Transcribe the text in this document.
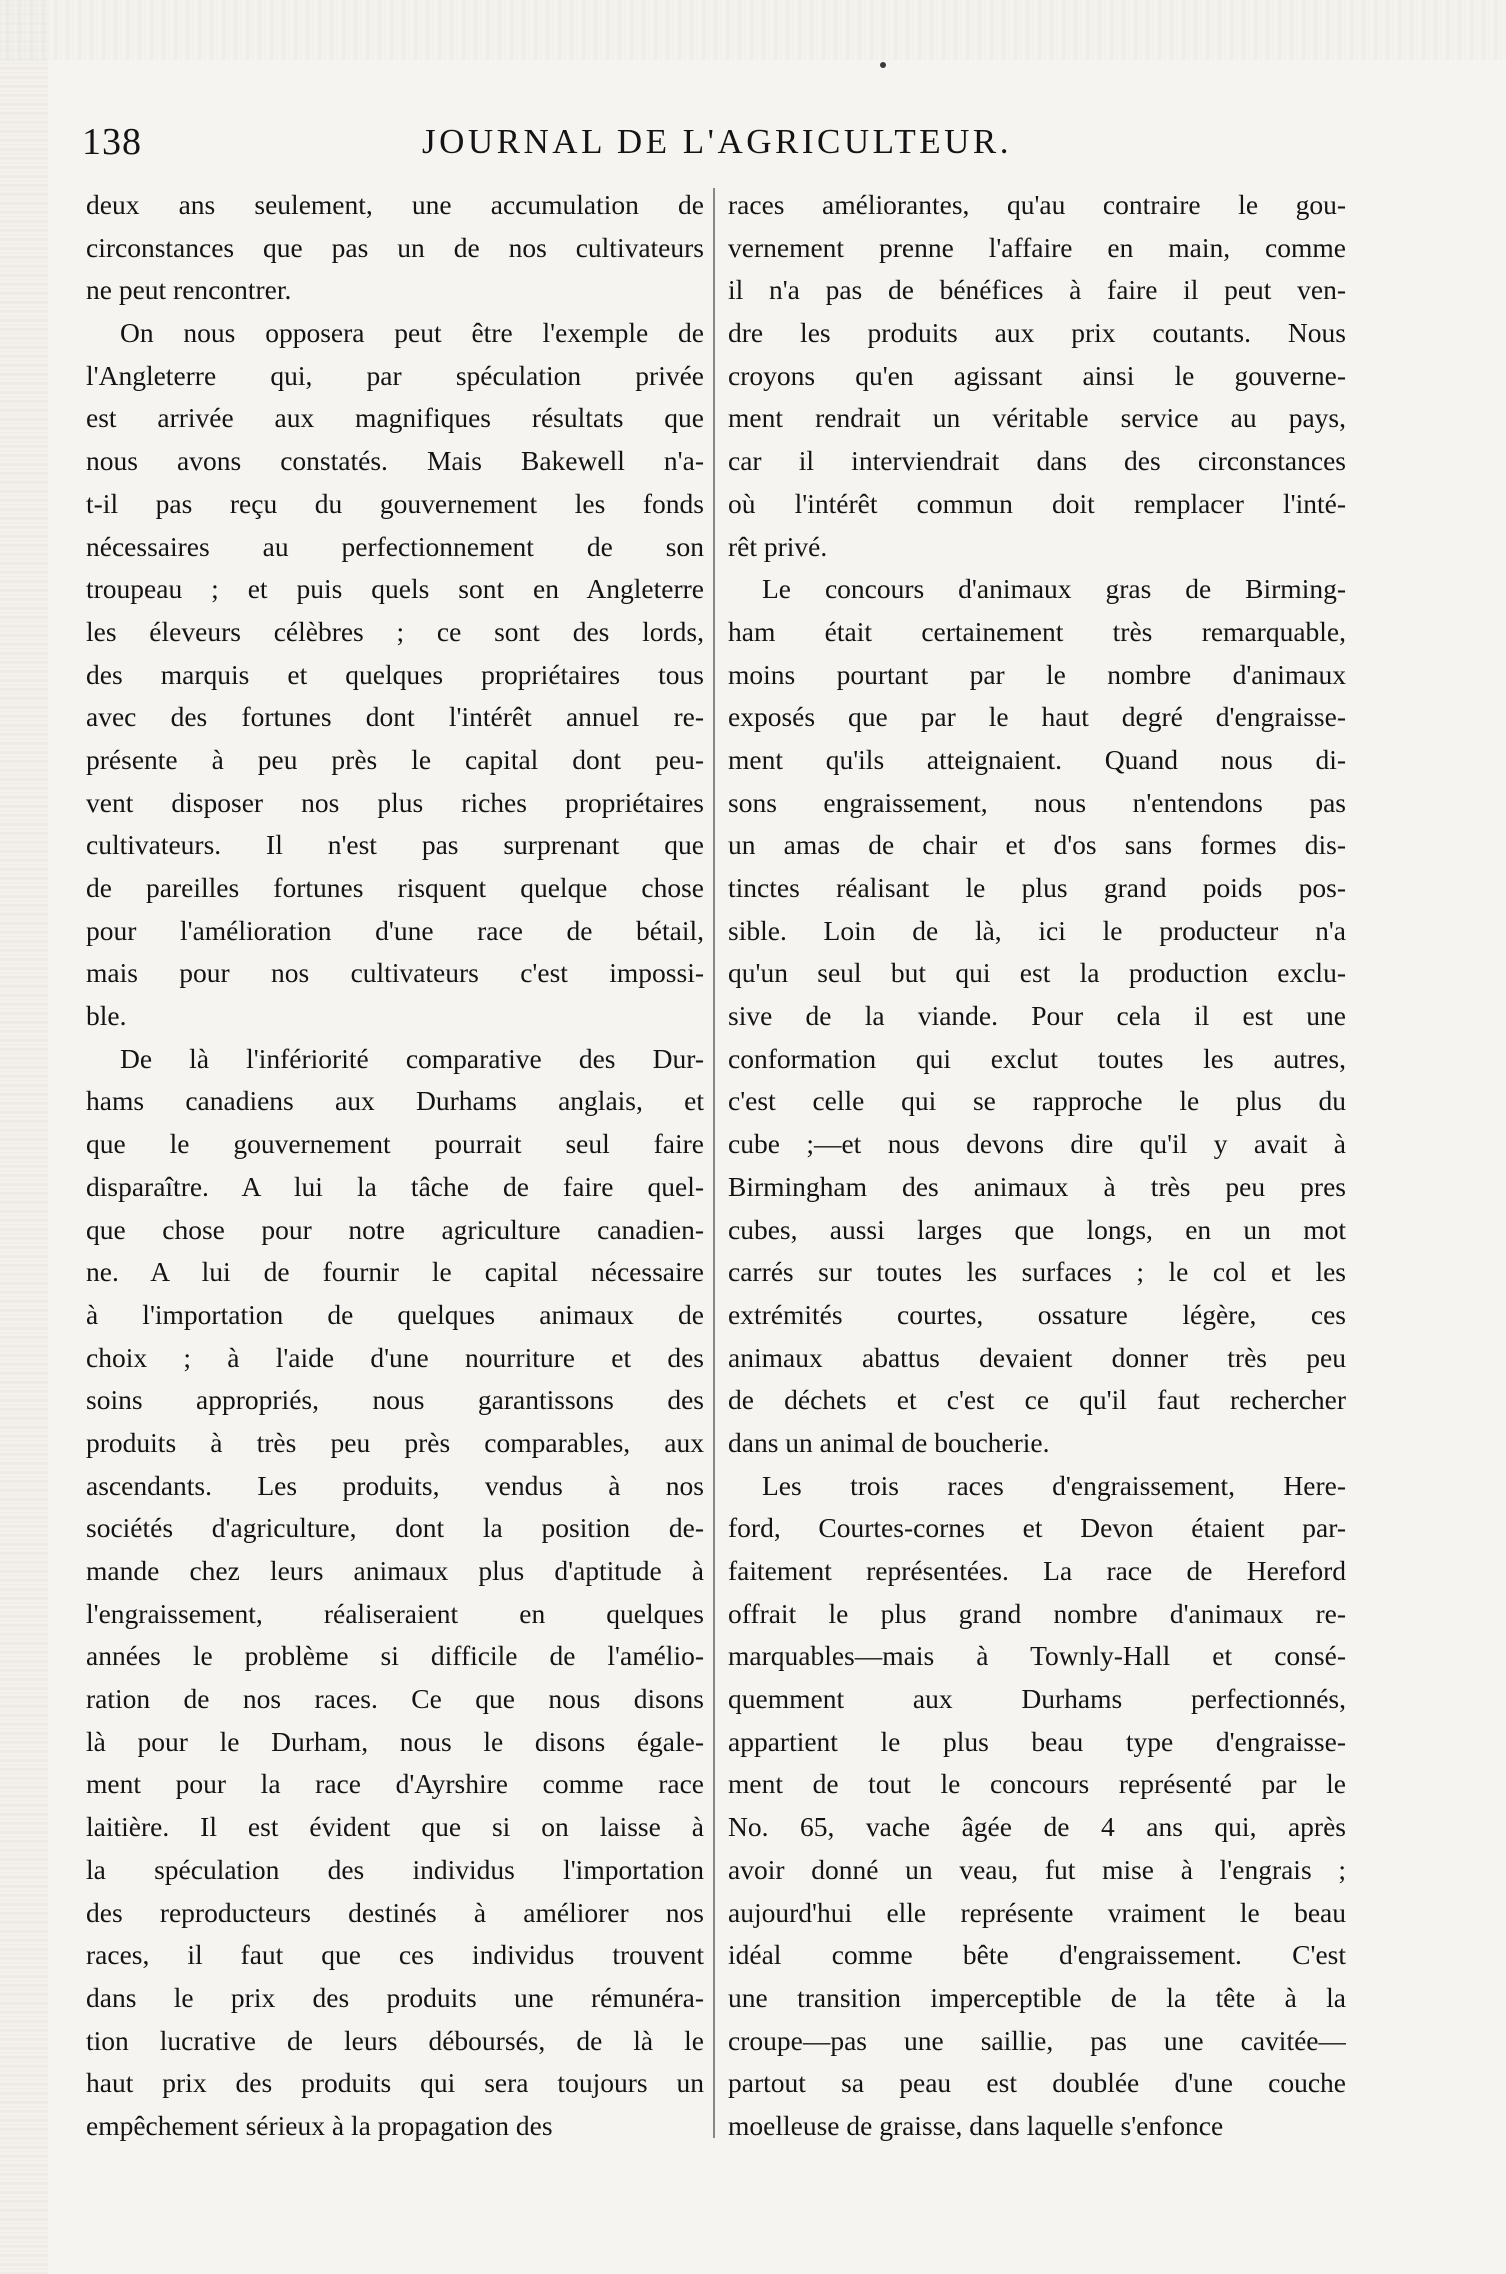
138	JOURNAL DE L'AGRICULTEUR.
deux ans seulement, une accumulation de
circonstances que pas un de nos cultivateurs
ne peut rencontrer.
On nous opposera peut être l'exemple de
l'Angleterre qui, par spéculation privée
est arrivée aux magnifiques résultats que
nous avons constatés. Mais Bakewell n'a-
t-il pas reçu du gouvernement les fonds
nécessaires au perfectionnement de son
troupeau ; et puis quels sont en Angleterre
les éleveurs célèbres ; ce sont des lords,
des marquis et quelques propriétaires tous
avec des fortunes dont l'intérêt annuel re-
présente à peu près le capital dont peu-
vent disposer nos plus riches propriétaires
cultivateurs. Il n'est pas surprenant que
de pareilles fortunes risquent quelque chose
pour l'amélioration d'une race de bétail,
mais pour nos cultivateurs c'est impossi-
ble.
De là l'infériorité comparative des Dur-
hams canadiens aux Durhams anglais, et
que le gouvernement pourrait seul faire
disparaître. A lui la tâche de faire quel-
que chose pour notre agriculture canadien-
ne. A lui de fournir le capital nécessaire
à l'importation de quelques animaux de
choix ; à l'aide d'une nourriture et des
soins appropriés, nous garantissons des
produits à très peu près comparables, aux
ascendants. Les produits, vendus à nos
sociétés d'agriculture, dont la position de-
mande chez leurs animaux plus d'aptitude à
l'engraissement, réaliseraient en quelques
années le problème si difficile de l'amélio-
ration de nos races. Ce que nous disons
là pour le Durham, nous le disons égale-
ment pour la race d'Ayrshire comme race
laitière. Il est évident que si on laisse à
la spéculation des individus l'importation
des reproducteurs destinés à améliorer nos
races, il faut que ces individus trouvent
dans le prix des produits une rémunéra-
tion lucrative de leurs déboursés, de là le
haut prix des produits qui sera toujours un
empêchement sérieux à la propagation des
races améliorantes, qu'au contraire le gou-
vernement prenne l'affaire en main, comme
il n'a pas de bénéfices à faire il peut ven-
dre les produits aux prix coutants. Nous
croyons qu'en agissant ainsi le gouverne-
ment rendrait un véritable service au pays,
car il interviendrait dans des circonstances
où l'intérêt commun doit remplacer l'inté-
rêt privé.
Le concours d'animaux gras de Birming-
ham était certainement très remarquable,
moins pourtant par le nombre d'animaux
exposés que par le haut degré d'engraisse-
ment qu'ils atteignaient. Quand nous di-
sons engraissement, nous n'entendons pas
un amas de chair et d'os sans formes dis-
tinctes réalisant le plus grand poids pos-
sible. Loin de là, ici le producteur n'a
qu'un seul but qui est la production exclu-
sive de la viande. Pour cela il est une
conformation qui exclut toutes les autres,
c'est celle qui se rapproche le plus du
cube ;—et nous devons dire qu'il y avait à
Birmingham des animaux à très peu pres
cubes, aussi larges que longs, en un mot
carrés sur toutes les surfaces ; le col et les
extrémités courtes, ossature légère, ces
animaux abattus devaient donner très peu
de déchets et c'est ce qu'il faut rechercher
dans un animal de boucherie.
Les trois races d'engraissement, Here-
ford, Courtes-cornes et Devon étaient par-
faitement représentées. La race de Hereford
offrait le plus grand nombre d'animaux re-
marquables—mais à Townly-Hall et consé-
quemment aux Durhams perfectionnés,
appartient le plus beau type d'engraisse-
ment de tout le concours représenté par le
No. 65, vache âgée de 4 ans qui, après
avoir donné un veau, fut mise à l'engrais ;
aujourd'hui elle représente vraiment le beau
idéal comme bête d'engraissement. C'est
une transition imperceptible de la tête à la
croupe—pas une saillie, pas une cavitée—
partout sa peau est doublée d'une couche
moelleuse de graisse, dans laquelle s'enfonce
